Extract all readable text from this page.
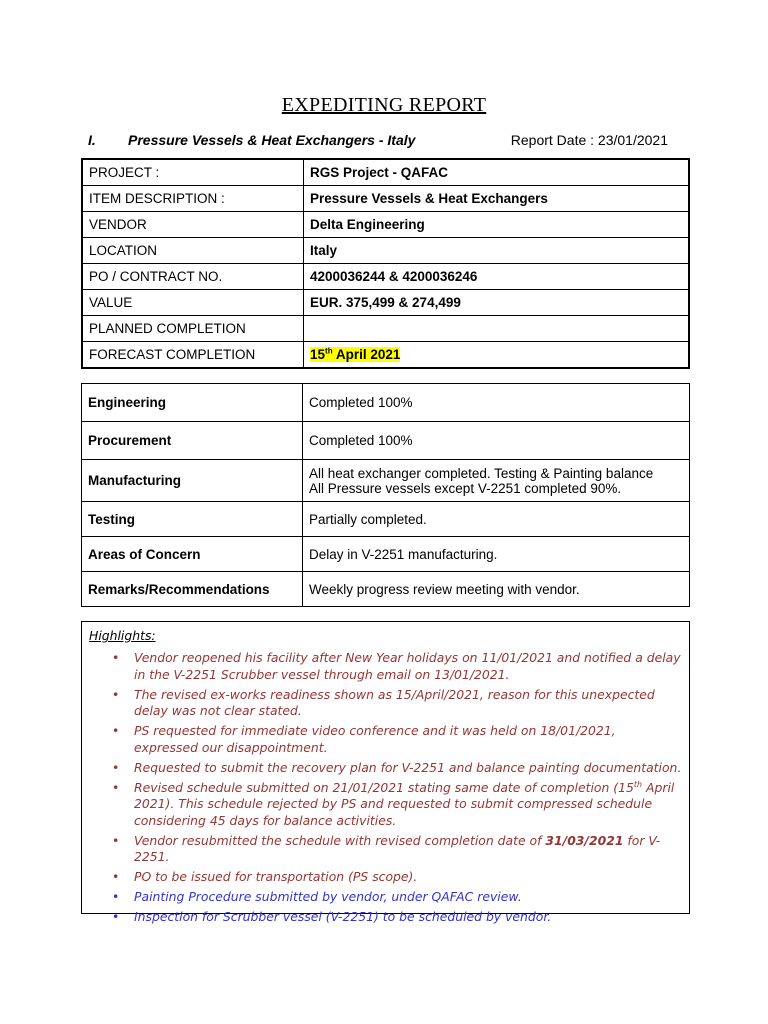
EXPEDITING REPORT
I. Pressure Vessels & Heat Exchangers - Italy	Report Date : 23/01/2021
PROJECT :	RGS Project - QAFAC
ITEM DESCRIPTION :	Pressure Vessels & Heat Exchangers
VENDOR	Delta Engineering
LOCATION	Italy
PO / CONTRACT NO.	4200036244 & 4200036246
VALUE	EUR. 375,499 & 274,499
PLANNED COMPLETION	
FORECAST COMPLETION	15th April 2021
Engineering	Completed 100%
Procurement	Completed 100%
Manufacturing	All heat exchanger completed. Testing & Painting balance
All Pressure vessels except V-2251 completed 90%.

Testing	Partially completed.
Areas of Concern	Delay in V-2251 manufacturing.
Remarks/Recommendations	Weekly progress review meeting with vendor.
Highlights:
• Vendor reopened his facility after New Year holidays on 11/01/2021 and notified a delay in the V-2251 Scrubber vessel through email on 13/01/2021.
• The revised ex-works readiness shown as 15/April/2021, reason for this unexpected delay was not clear stated.
• PS requested for immediate video conference and it was held on 18/01/2021, expressed our disappointment.
• Requested to submit the recovery plan for V-2251 and balance painting documentation.
• Revised schedule submitted on 21/01/2021 stating same date of completion (15th April 2021). This schedule rejected by PS and requested to submit compressed schedule considering 45 days for balance activities.
• Vendor resubmitted the schedule with revised completion date of 31/03/2021 for V-2251.
• PO to be issued for transportation (PS scope).
• Painting Procedure submitted by vendor, under QAFAC review.
• Inspection for Scrubber vessel (V-2251) to be scheduled by vendor.
